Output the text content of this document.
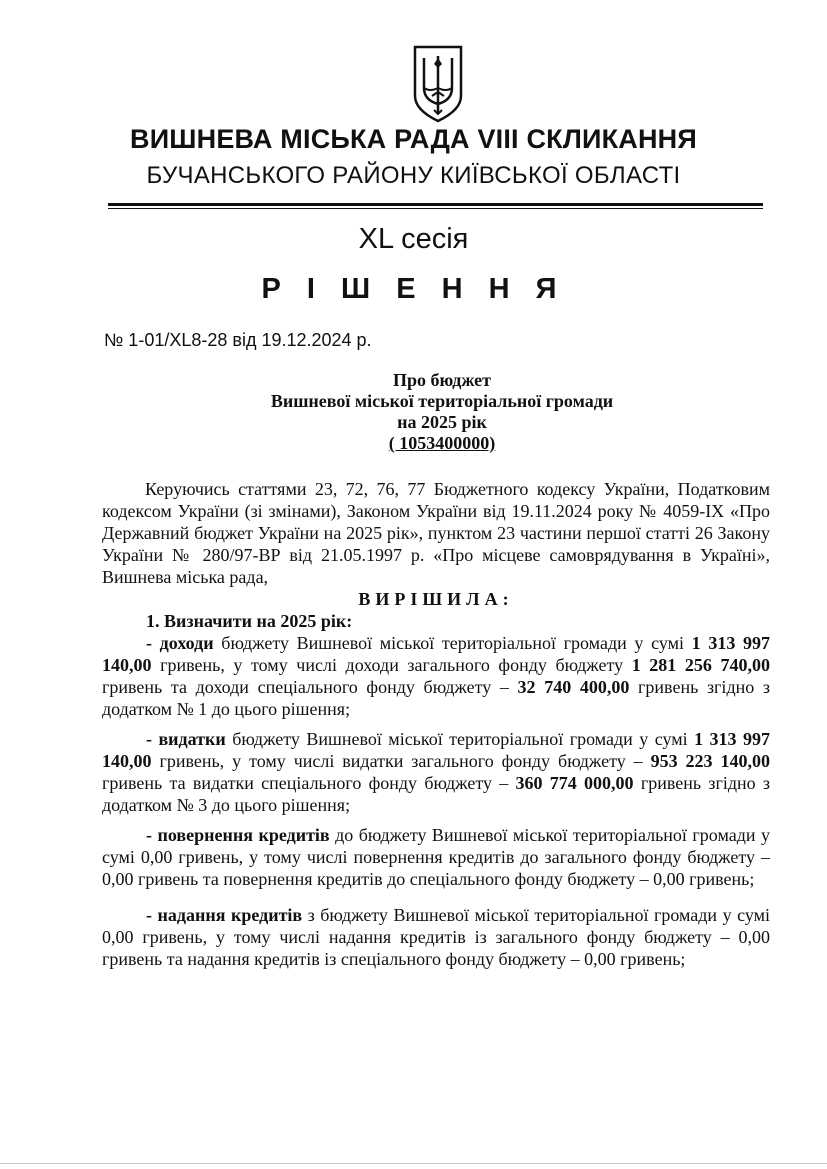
ВИШНЕВА МІСЬКА РАДА VIII СКЛИКАННЯ
БУЧАНСЬКОГО РАЙОНУ КИЇВСЬКОЇ ОБЛАСТІ
XL сесія
Р І Ш Е Н Н Я
№ 1-01/XL8-28 від 19.12.2024 р.
Про бюджет
Вишневої міської територіальної громади
на 2025 рік
( 1053400000)

Керуючись статтями 23, 72, 76, 77 Бюджетного кодексу України, Податковим кодексом України (зі змінами), Законом України від 19.11.2024 року № 4059-IX «Про Державний бюджет України на 2025 рік», пунктом 23 частини першої статті 26 Закону України № 280/97-ВР від 21.05.1997 р. «Про місцеве самоврядування в Україні», Вишнева міська рада,

ВИРІШИЛА:

1. Визначити на 2025 рік:

- доходи бюджету Вишневої міської територіальної громади у сумі 1 313 997 140,00 гривень, у тому числі доходи загального фонду бюджету 1 281 256 740,00 гривень та доходи спеціального фонду бюджету – 32 740 400,00 гривень згідно з додатком № 1 до цього рішення;

- видатки бюджету Вишневої міської територіальної громади у сумі 1 313 997 140,00 гривень, у тому числі видатки загального фонду бюджету – 953 223 140,00 гривень та видатки спеціального фонду бюджету – 360 774 000,00 гривень згідно з додатком № 3 до цього рішення;

- повернення кредитів до бюджету Вишневої міської територіальної громади у сумі 0,00 гривень, у тому числі повернення кредитів до загального фонду бюджету – 0,00 гривень та повернення кредитів до спеціального фонду бюджету – 0,00 гривень;

- надання кредитів з бюджету Вишневої міської територіальної громади у сумі 0,00 гривень, у тому числі надання кредитів із загального фонду бюджету – 0,00 гривень та надання кредитів із спеціального фонду бюджету – 0,00 гривень;
